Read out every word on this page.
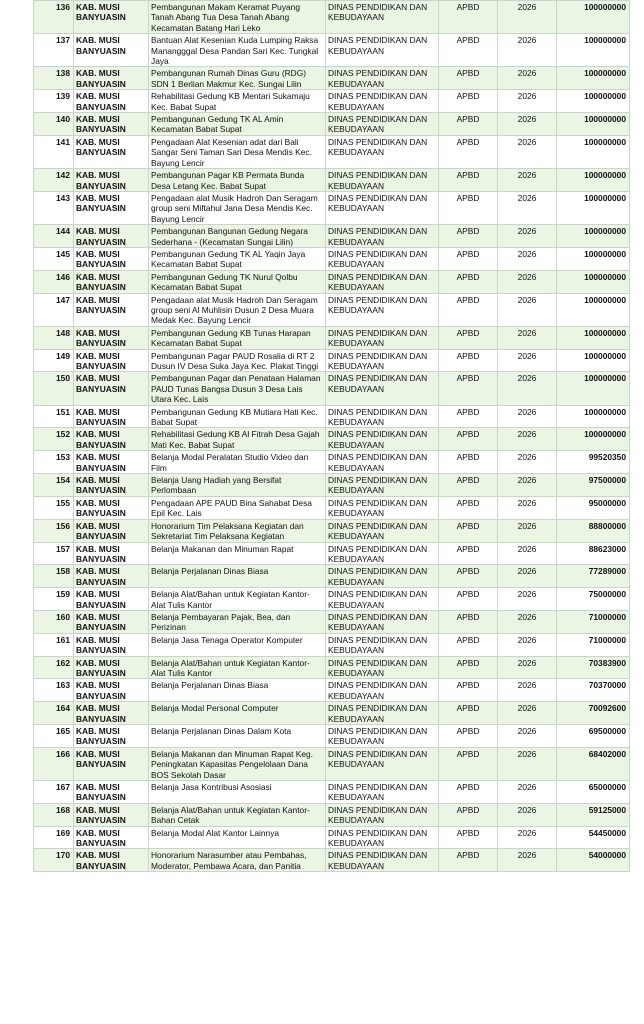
136	KAB. MUSI BANYUASIN	Pembangunan Makam Keramat Puyang Tanah Abang Tua Desa Tanah Abang Kecamatan Batang Hari Leko	DINAS PENDIDIKAN DAN KEBUDAYAAN	APBD	2026	100000000
137	KAB. MUSI BANYUASIN	Bantuan Alat Kesenian Kuda Lumping Raksa Manangggal Desa Pandan Sari Kec. Tungkal Jaya	DINAS PENDIDIKAN DAN KEBUDAYAAN	APBD	2026	100000000
138	KAB. MUSI BANYUASIN	Pembangunan Rumah Dinas Guru (RDG) SDN 1 Berlian Makmur Kec. Sungai Lilin	DINAS PENDIDIKAN DAN KEBUDAYAAN	APBD	2026	100000000
139	KAB. MUSI BANYUASIN	Rehabilitasi Gedung KB Mentari Sukamaju Kec. Babat Supat	DINAS PENDIDIKAN DAN KEBUDAYAAN	APBD	2026	100000000
140	KAB. MUSI BANYUASIN	Pembangunan Gedung TK AL Amin Kecamatan Babat Supat	DINAS PENDIDIKAN DAN KEBUDAYAAN	APBD	2026	100000000
141	KAB. MUSI BANYUASIN	Pengadaan Alat Kesenian adat dari Bali Sangar Seni Taman Sari Desa Mendis Kec. Bayung Lencir	DINAS PENDIDIKAN DAN KEBUDAYAAN	APBD	2026	100000000
142	KAB. MUSI BANYUASIN	Pembangunan Pagar KB Permata Bunda Desa Letang Kec. Babat Supat	DINAS PENDIDIKAN DAN KEBUDAYAAN	APBD	2026	100000000
143	KAB. MUSI BANYUASIN	Pengadaan alat Musik Hadroh Dan Seragam group seni Miftahul Jana Desa Mendis Kec. Bayung Lencir	DINAS PENDIDIKAN DAN KEBUDAYAAN	APBD	2026	100000000
144	KAB. MUSI BANYUASIN	Pembangunan Bangunan Gedung Negara Sederhana - (Kecamatan Sungai Lilin)	DINAS PENDIDIKAN DAN KEBUDAYAAN	APBD	2026	100000000
145	KAB. MUSI BANYUASIN	Pembangunan Gedung TK AL Yaqin Jaya Kecamatan Babat Supat	DINAS PENDIDIKAN DAN KEBUDAYAAN	APBD	2026	100000000
146	KAB. MUSI BANYUASIN	Pembangunan Gedung TK Nurul Qolbu Kecamatan Babat Supat	DINAS PENDIDIKAN DAN KEBUDAYAAN	APBD	2026	100000000
147	KAB. MUSI BANYUASIN	Pengadaan alat Musik Hadroh Dan Seragam group seni Al Muhlisin Dusun 2 Desa Muara Medak Kec. Bayung Lencir	DINAS PENDIDIKAN DAN KEBUDAYAAN	APBD	2026	100000000
148	KAB. MUSI BANYUASIN	Pembangunan Gedung KB Tunas Harapan Kecamatan Babat Supat	DINAS PENDIDIKAN DAN KEBUDAYAAN	APBD	2026	100000000
149	KAB. MUSI BANYUASIN	Pembangunan Pagar PAUD Rosalia di RT 2 Dusun IV Desa Suka Jaya Kec. Plakat Tinggi	DINAS PENDIDIKAN DAN KEBUDAYAAN	APBD	2026	100000000
150	KAB. MUSI BANYUASIN	Pembangunan Pagar dan Penataan Halaman PAUD Tunas Bangsa Dusun 3 Desa Lais Utara Kec. Lais	DINAS PENDIDIKAN DAN KEBUDAYAAN	APBD	2026	100000000
151	KAB. MUSI BANYUASIN	Pembangunan Gedung KB Mutiara Hati Kec. Babat Supat	DINAS PENDIDIKAN DAN KEBUDAYAAN	APBD	2026	100000000
152	KAB. MUSI BANYUASIN	Rehabilitasi Gedung KB Al Fitrah Desa Gajah Mati Kec. Babat Supat	DINAS PENDIDIKAN DAN KEBUDAYAAN	APBD	2026	100000000
153	KAB. MUSI BANYUASIN	Belanja Modal Peralatan Studio Video dan Film	DINAS PENDIDIKAN DAN KEBUDAYAAN	APBD	2026	99520350
154	KAB. MUSI BANYUASIN	Belanja Uang Hadiah yang Bersifat Perlombaan	DINAS PENDIDIKAN DAN KEBUDAYAAN	APBD	2026	97500000
155	KAB. MUSI BANYUASIN	Pengadaan APE PAUD Bina Sahabat Desa Epil Kec. Lais	DINAS PENDIDIKAN DAN KEBUDAYAAN	APBD	2026	95000000
156	KAB. MUSI BANYUASIN	Honorarium Tim Pelaksana Kegiatan dan Sekretariat Tim Pelaksana Kegiatan	DINAS PENDIDIKAN DAN KEBUDAYAAN	APBD	2026	88800000
157	KAB. MUSI BANYUASIN	Belanja Makanan dan Minuman Rapat	DINAS PENDIDIKAN DAN KEBUDAYAAN	APBD	2026	88623000
158	KAB. MUSI BANYUASIN	Belanja Perjalanan Dinas Biasa	DINAS PENDIDIKAN DAN KEBUDAYAAN	APBD	2026	77289000
159	KAB. MUSI BANYUASIN	Belanja Alat/Bahan untuk Kegiatan Kantor-Alat Tulis Kantor	DINAS PENDIDIKAN DAN KEBUDAYAAN	APBD	2026	75000000
160	KAB. MUSI BANYUASIN	Belanja Pembayaran Pajak, Bea, dan Perizinan	DINAS PENDIDIKAN DAN KEBUDAYAAN	APBD	2026	71000000
161	KAB. MUSI BANYUASIN	Belanja Jasa Tenaga Operator Komputer	DINAS PENDIDIKAN DAN KEBUDAYAAN	APBD	2026	71000000
162	KAB. MUSI BANYUASIN	Belanja Alat/Bahan untuk Kegiatan Kantor-Alat Tulis Kantor	DINAS PENDIDIKAN DAN KEBUDAYAAN	APBD	2026	70383900
163	KAB. MUSI BANYUASIN	Belanja Perjalanan Dinas Biasa	DINAS PENDIDIKAN DAN KEBUDAYAAN	APBD	2026	70370000
164	KAB. MUSI BANYUASIN	Belanja Modal Personal Computer	DINAS PENDIDIKAN DAN KEBUDAYAAN	APBD	2026	70092600
165	KAB. MUSI BANYUASIN	Belanja Perjalanan Dinas Dalam Kota	DINAS PENDIDIKAN DAN KEBUDAYAAN	APBD	2026	69500000
166	KAB. MUSI BANYUASIN	Belanja Makanan dan Minuman Rapat Keg. Peningkatan Kapasitas Pengelolaan Dana BOS Sekolah Dasar	DINAS PENDIDIKAN DAN KEBUDAYAAN	APBD	2026	68402000
167	KAB. MUSI BANYUASIN	Belanja Jasa Kontribusi Asosiasi	DINAS PENDIDIKAN DAN KEBUDAYAAN	APBD	2026	65000000
168	KAB. MUSI BANYUASIN	Belanja Alat/Bahan untuk Kegiatan Kantor- Bahan Cetak	DINAS PENDIDIKAN DAN KEBUDAYAAN	APBD	2026	59125000
169	KAB. MUSI BANYUASIN	Belanja Modal Alat Kantor Lainnya	DINAS PENDIDIKAN DAN KEBUDAYAAN	APBD	2026	54450000
170	KAB. MUSI BANYUASIN	Honorarium Narasumber atau Pembahas, Moderator, Pembawa Acara, dan Panitia	DINAS PENDIDIKAN DAN KEBUDAYAAN	APBD	2026	54000000
